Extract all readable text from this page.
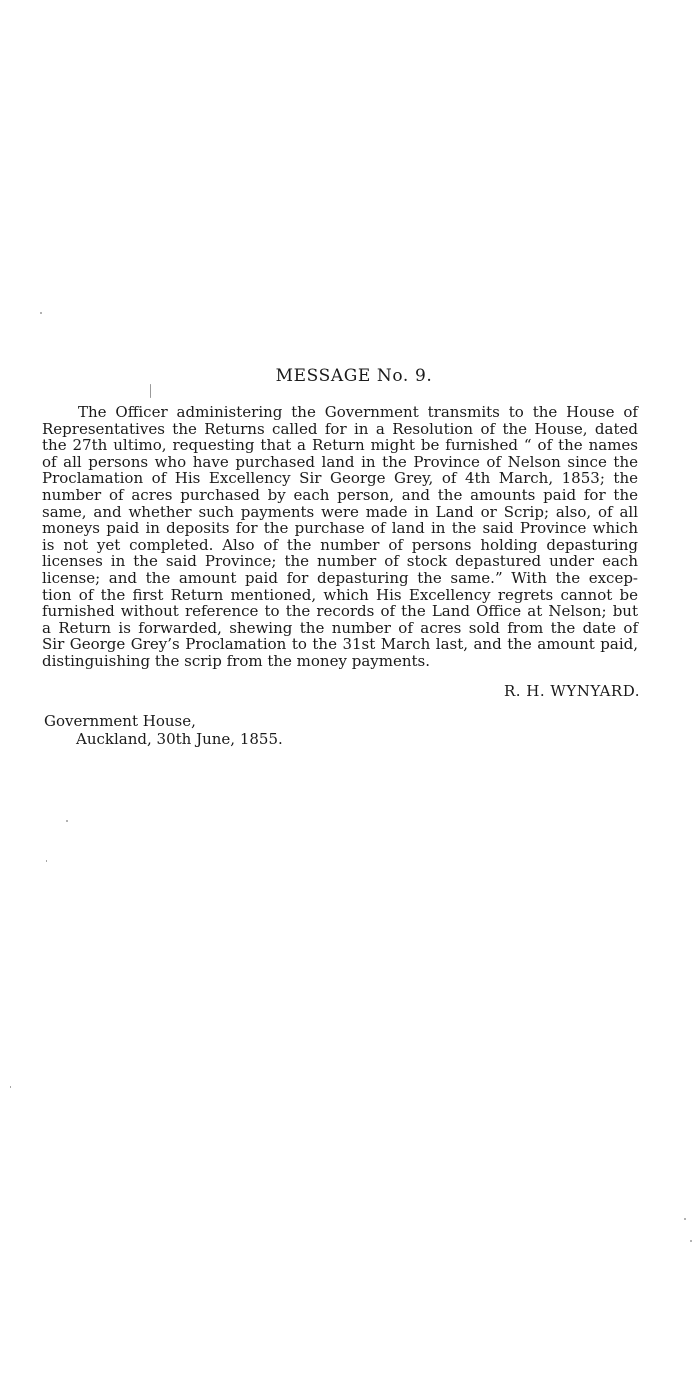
MESSAGE No. 9.
The Officer administering the Government transmits to the House of
Representatives the Returns called for in a Resolution of the House, dated
the 27th ultimo, requesting that a Return might be furnished “ of the names
of all persons who have purchased land in the Province of Nelson since the
Proclamation of His Excellency Sir George Grey, of 4th March, 1853; the
number of acres purchased by each person, and the amounts paid for the
same, and whether such payments were made in Land or Scrip; also, of all
moneys paid in deposits for the purchase of land in the said Province which
is not yet completed. Also of the number of persons holding depasturing
licenses in the said Province; the number of stock depastured under each
license; and the amount paid for depasturing the same.” With the excep-
tion of the first Return mentioned, which His Excellency regrets cannot be
furnished without reference to the records of the Land Office at Nelson; but
a Return is forwarded, shewing the number of acres sold from the date of
Sir George Grey’s Proclamation to the 31st March last, and the amount paid,
distinguishing the scrip from the money payments.
R. H. WYNYARD.
Government House,
Auckland, 30th June, 1855.
